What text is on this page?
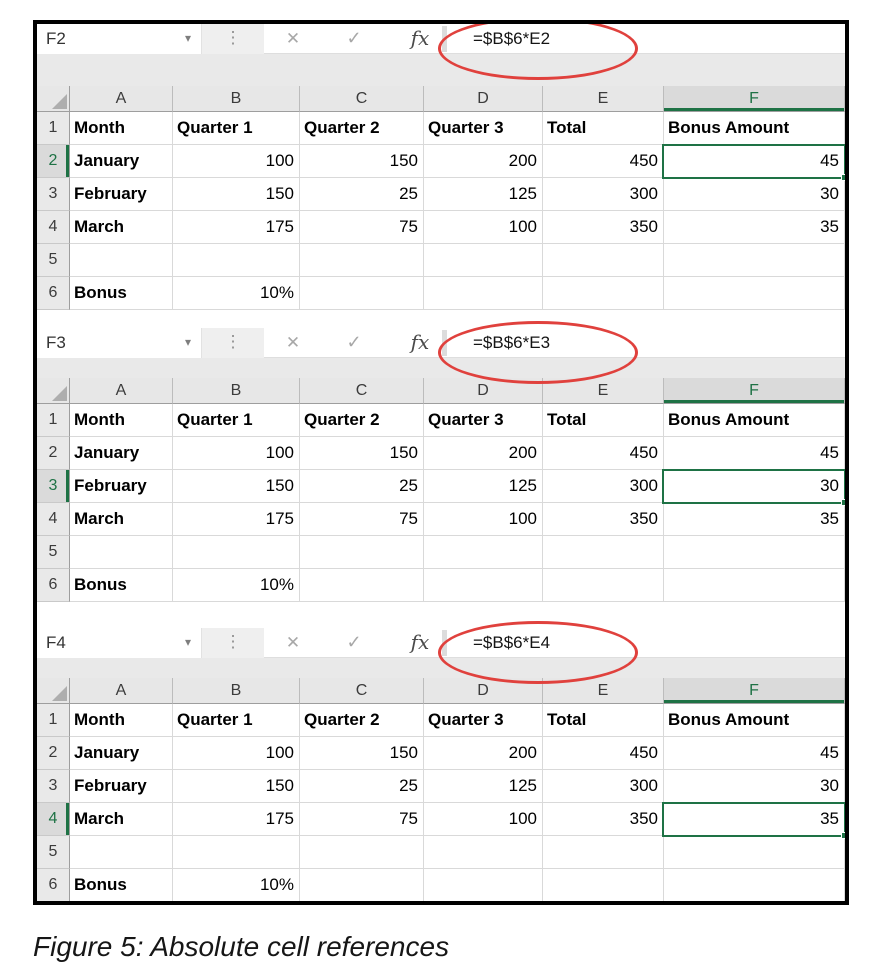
F2	▾	⋮	✕	✓	fx	=$B$6*E2
A	B	C	D	E	F
1 Month	Quarter 1	Quarter 2	Quarter 3	Total	Bonus Amount
2 January	100	150	200	450	45
3 February	150	25	125	300	30
4 March	175	75	100	350	35
5
6 Bonus	10%
F3	▾	⋮	✕	✓	fx	=$B$6*E3
A	B	C	D	E	F
1 Month	Quarter 1	Quarter 2	Quarter 3	Total	Bonus Amount
2 January	100	150	200	450	45
3 February	150	25	125	300	30
4 March	175	75	100	350	35
5
6 Bonus	10%
F4	▾	⋮	✕	✓	fx	=$B$6*E4
A	B	C	D	E	F
1 Month	Quarter 1	Quarter 2	Quarter 3	Total	Bonus Amount
2 January	100	150	200	450	45
3 February	150	25	125	300	30
4 March	175	75	100	350	35
5
6 Bonus	10%
Figure 5: Absolute cell references
